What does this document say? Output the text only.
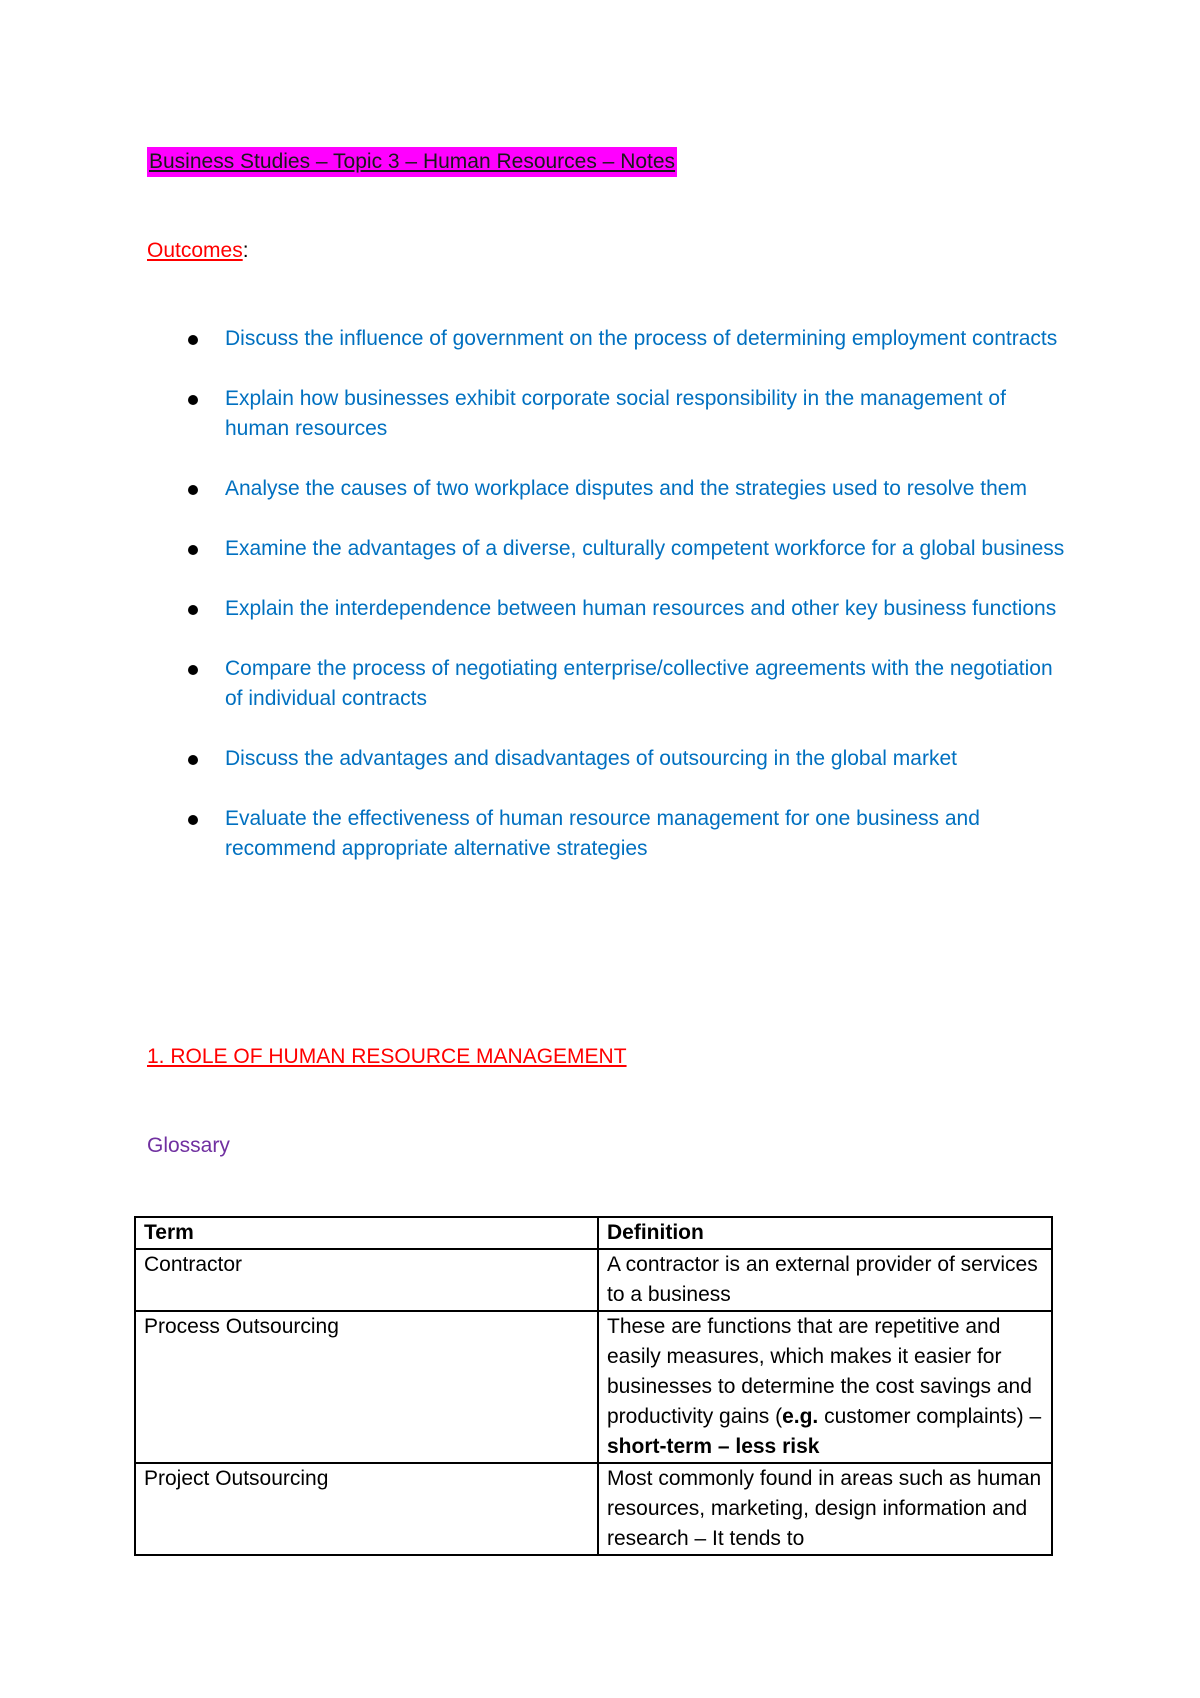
Business Studies – Topic 3 – Human Resources – Notes
Outcomes:
Discuss the influence of government on the process of determining employment contracts
Explain how businesses exhibit corporate social responsibility in the management of human resources
Analyse the causes of two workplace disputes and the strategies used to resolve them
Examine the advantages of a diverse, culturally competent workforce for a global business
Explain the interdependence between human resources and other key business functions
Compare the process of negotiating enterprise/collective agreements with the negotiation of individual contracts
Discuss the advantages and disadvantages of outsourcing in the global market
Evaluate the effectiveness of human resource management for one business and recommend appropriate alternative strategies
1. ROLE OF HUMAN RESOURCE MANAGEMENT
Glossary
Term	Definition
Contractor	A contractor is an external provider of services to a business
Process Outsourcing	These are functions that are repetitive and easily measures, which makes it easier for businesses to determine the cost savings and productivity gains (e.g. customer complaints) – short-term – less risk
Project Outsourcing	Most commonly found in areas such as human resources, marketing, design information and research – It tends to
